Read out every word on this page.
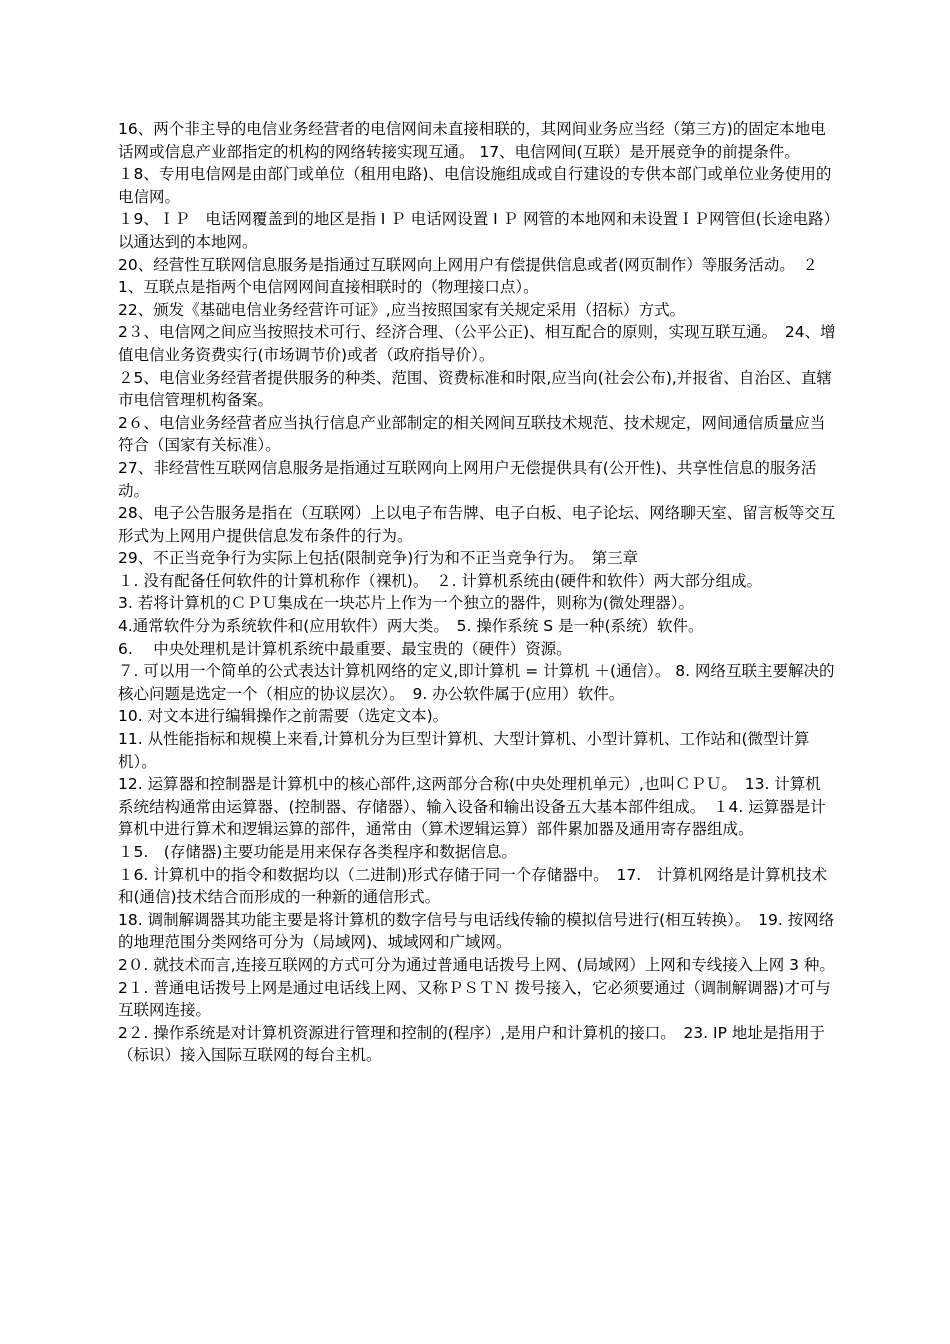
16、两个非主导的电信业务经营者的电信网间未直接相联的，其网间业务应当经（第三方)的固定本地电话网或信息产业部指定的机构的网络转接实现互通。 17、电信网间(互联）是开展竞争的前提条件。

１8、专用电信网是由部门或单位（租用电路)、电信设施组成或自行建设的专供本部门或单位业务使用的电信网。

１9、ＩＰ　电话网覆盖到的地区是指 I Ｐ 电话网设置 I Ｐ 网管的本地网和未设置ＩＰ网管但(长途电路）以通达到的本地网。

20、经营性互联网信息服务是指通过互联网向上网用户有偿提供信息或者(网页制作）等服务活动。　２1、互联点是指两个电信网网间直接相联时的（物理接口点）。

22、颁发《基础电信业务经营许可证》,应当按照国家有关规定采用（招标）方式。

2３、电信网之间应当按照技术可行、经济合理、（公平公正)、相互配合的原则，实现互联互通。　24、增值电信业务资费实行(市场调节价)或者（政府指导价）。

２5、电信业务经营者提供服务的种类、范围、资费标准和时限,应当向(社会公布),并报省、自治区、直辖市电信管理机构备案。

2６、电信业务经营者应当执行信息产业部制定的相关网间互联技术规范、技术规定，网间通信质量应当符合（国家有关标准）。

27、非经营性互联网信息服务是指通过互联网向上网用户无偿提供具有(公开性)、共享性信息的服务活动。

28、电子公告服务是指在（互联网）上以电子布告牌、电子白板、电子论坛、网络聊天室、留言板等交互形式为上网用户提供信息发布条件的行为。

29、不正当竞争行为实际上包括(限制竞争)行为和不正当竞争行为。　第三章

１. 没有配备任何软件的计算机称作（裸机)。　２. 计算机系统由(硬件和软件）两大部分组成。

3. 若将计算机的ＣＰＵ集成在一块芯片上作为一个独立的器件，则称为(微处理器）。

4.通常软件分为系统软件和(应用软件）两大类。　5. 操作系统 S 是一种(系统）软件。

6.　 中央处理机是计算机系统中最重要、最宝贵的（硬件）资源。

７. 可以用一个简单的公式表达计算机网络的定义,即计算机 = 计算机 ＋(通信）。 8. 网络互联主要解决的核心问题是选定一个（相应的协议层次）。　9. 办公软件属于(应用）软件。

10. 对文本进行编辑操作之前需要（选定文本)。

11. 从性能指标和规模上来看,计算机分为巨型计算机、大型计算机、小型计算机、工作站和(微型计算机）。

12. 运算器和控制器是计算机中的核心部件,这两部分合称(中央处理机单元）,也叫ＣＰＵ。　13. 计算机系统结构通常由运算器、(控制器、存储器）、输入设备和输出设备五大基本部件组成。　１4. 运算器是计算机中进行算术和逻辑运算的部件，通常由（算术逻辑运算）部件累加器及通用寄存器组成。

１5.　(存储器)主要功能是用来保存各类程序和数据信息。

１6. 计算机中的指令和数据均以（二进制)形式存储于同一个存储器中。　17.　计算机网络是计算机技术和(通信)技术结合而形成的一种新的通信形式。

18. 调制解调器其功能主要是将计算机的数字信号与电话线传输的模拟信号进行(相互转换）。　19. 按网络的地理范围分类网络可分为（局域网)、城域网和广域网。

2０. 就技术而言,连接互联网的方式可分为通过普通电话拨号上网、(局域网）上网和专线接入上网 3 种。

2１. 普通电话拨号上网是通过电话线上网、又称ＰＳＴＮ 拨号接入，它必须要通过（调制解调器)才可与互联网连接。

2２. 操作系统是对计算机资源进行管理和控制的(程序）,是用户和计算机的接口。　23. IP 地址是指用于（标识）接入国际互联网的每台主机。
